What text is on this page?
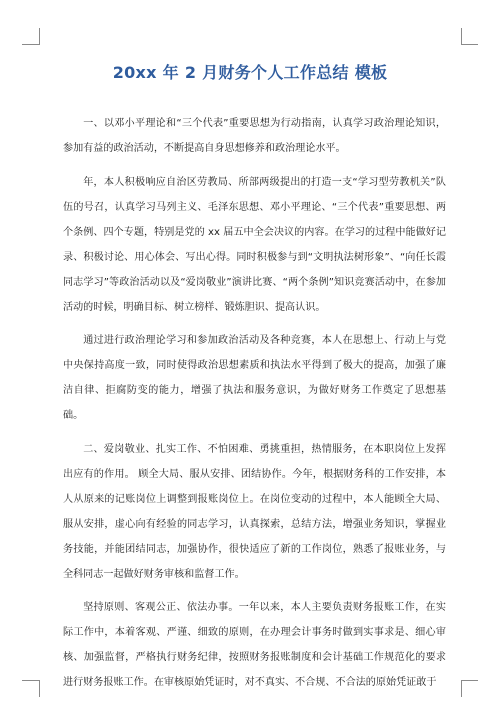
20xx 年 2 月财务个人工作总结 模板

一、以邓小平理论和“三个代表”重要思想为行动指南，认真学习政治理论知识，参加有益的政治活动，不断提高自身思想修养和政治理论水平。

年，本人积极响应自治区劳教局、所部两级提出的打造一支“学习型劳教机关”队伍的号召，认真学习马列主义、毛泽东思想、邓小平理论、“三个代表”重要思想、两个条例、四个专题，特别是党的 xx 届五中全会决议的内容。在学习的过程中能做好记录、积极讨论、用心体会、写出心得。同时积极参与到“文明执法树形象”、“向任长霞同志学习”等政治活动以及“爱岗敬业”演讲比赛、“两个条例”知识竞赛活动中，在参加活动的时候，明确目标、树立榜样、锻炼胆识、提高认识。

通过进行政治理论学习和参加政治活动及各种竞赛，本人在思想上、行动上与党中央保持高度一致，同时使得政治思想素质和执法水平得到了极大的提高，加强了廉洁自律、拒腐防变的能力，增强了执法和服务意识，为做好财务工作奠定了思想基础。

二、爱岗敬业、扎实工作、不怕困难、勇挑重担，热情服务，在本职岗位上发挥出应有的作用。 顾全大局、服从安排、团结协作。今年，根据财务科的工作安排，本人从原来的记账岗位上调整到报账岗位上。在岗位变动的过程中，本人能顾全大局、服从安排，虚心向有经验的同志学习，认真探索，总结方法，增强业务知识，掌握业务技能，并能团结同志，加强协作，很快适应了新的工作岗位，熟悉了报账业务，与全科同志一起做好财务审核和监督工作。

坚持原则、客观公正、依法办事。一年以来，本人主要负责财务报账工作，在实际工作中，本着客观、严谨、细致的原则，在办理会计事务时做到实事求是、细心审核、加强监督，严格执行财务纪律，按照财务报账制度和会计基础工作规范化的要求进行财务报账工作。在审核原始凭证时，对不真实、不合规、不合法的原始凭证敢于
